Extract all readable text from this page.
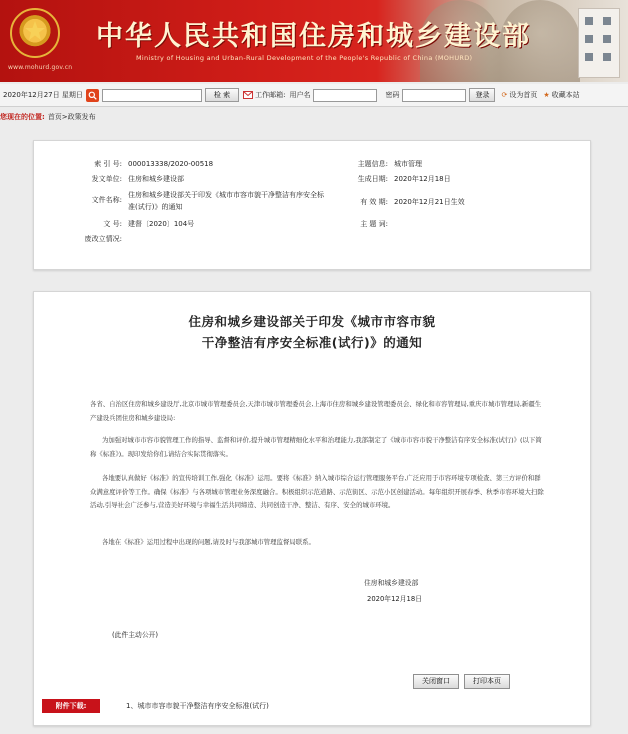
www.mohurd.gov.cn
中华人民共和国住房和城乡建设部
Ministry of Housing and Urban-Rural Development of the People's Republic of China (MOHURD)
2020年12月27日 星期日	检 索	工作邮箱: 用户名	密码	登录	⟳ 设为首页 ★ 收藏本站
您现在的位置: 首页>政策发布
索 引 号: 000013338/2020-00518
发文单位: 住房和城乡建设部
文件名称:住房和城乡建设部关于印发《城市市容市貌干净整洁有序安全标准(试行)》的通知
文 号: 建督〔2020〕104号
废改立情况:
主题信息: 城市管理
生成日期: 2020年12月18日
有 效 期: 2020年12月21日生效
主 题 词:
住房和城乡建设部关于印发《城市市容市貌
干净整洁有序安全标准(试行)》的通知
各省、自治区住房和城乡建设厅,北京市城市管理委员会,天津市城市管理委员会,上海市住房和城乡建设管理委员会、绿化和市容管理局,重庆市城市管理局,新疆生产建设兵团住房和城乡建设局:
为加强对城市市容市貌管理工作的指导、监督和评价,提升城市管理精细化水平和治理能力,我部制定了《城市市容市貌干净整洁有序安全标准(试行)》(以下简称《标准》)。现印发给你们,请结合实际贯彻落实。
各地要认真做好《标准》的宣传培训工作,强化《标准》运用。要将《标准》纳入城市综合运行管理服务平台,广泛应用于市容环境专项检查、第三方评价和群众满意度评价等工作。确保《标准》与各项城市管理业务深度融合。积极组织示范道路、示范街区、示范小区创建活动。每年组织开展春季、秋季市容环境大扫除活动,引导社会广泛参与,营造美好环境与幸福生活共同缔造、共同创造干净、整洁、有序、安全的城市环境。
各地在《标准》运用过程中出现的问题,请及时与我部城市管理监督局联系。
住房和城乡建设部
2020年12月18日
(此件主动公开)
关闭窗口	打印本页
附件下载:	1、城市市容市貌干净整洁有序安全标准(试行)
